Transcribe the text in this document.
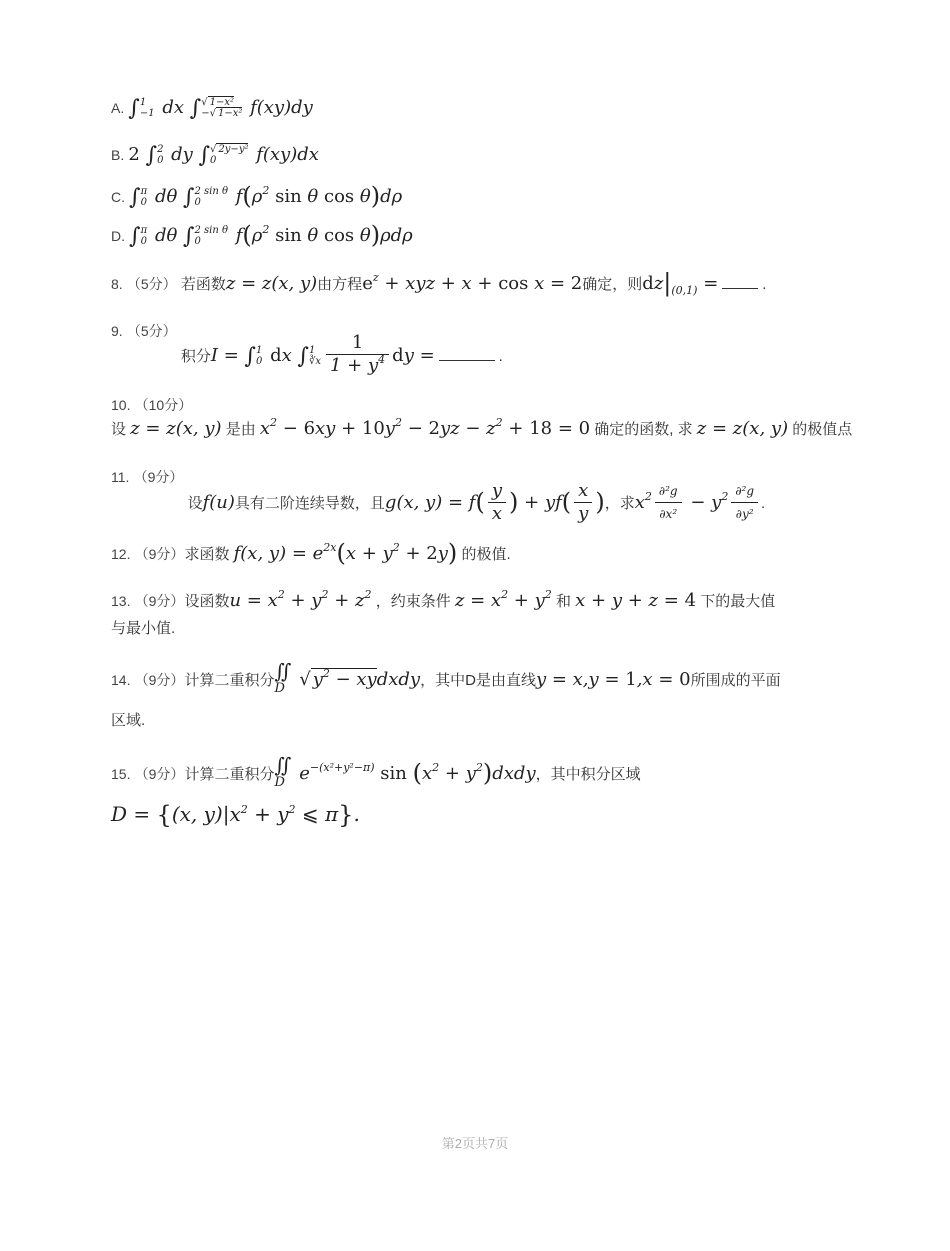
A. ∫ 1
−1 dx ∫ √ 1−x²
−√ 1−x² f(xy)dy
B. 2 ∫ 2
0 dy ∫ √ 2y−y²
0	f(xy)dx
C. ∫ π
0 dθ ∫ 2 sin θ
0	$f(\rho^2$ sin θ cos θ)dρ
D. ∫ π
0 dθ ∫ 2 sin θ
0	$f(\rho^2$ sin θ cos θ)ρdρ
8. （5分） 若函数z = z(x, y)由方程$e^z$ + xyz + x + cos x = 2确定，则$dz|_{(0,1)}$ =	.
9. （5分） 积分I = ∫ 1
0 dx ∫ 1
∛x $\frac{1}{1 + y^4}$ dy =	.
10. （10分）
设 z = z(x, y) 是由 $x^2 - 6xy + 10y^2 - 2yz - z^2 + 18 = 0$ 确定的函数, 求 z = z(x, y) 的极值点
11. （9分） 设f(u)具有二阶连续导数，且g(x, $y) = f( \frac{y}{x}$ ) + $yf( \frac{x}{y}$ )，求$x^2 \frac{\text{∂²g}}{\text{∂x²}} - y^2 \frac{\text{∂²g}}{\text{∂y²}}$ .
12. （9分）求函数 f(x, $y) = e^{2x}(x + y^2 + 2y)$ 的极值.
13. （9分）设函数$u = x^2 + y^2 + z^2$ ，约束条件 $z = x^2 + y^2$ 和 x + y + z = 4 下的最大值
与最小值.
14. （9分）计算二重积分 ∬
D √ $y^2$ − xydxdy，其中D是由直线y = x,y = 1,x = 0所围成的平面
区域.
15. （9分）计算二重积分 ∬
D $e^{-(x^2+y^2-\pi)}$ $\sin (x^2$ + $y^2)dxdy$，其中积分区域
D = {(x, $y)|x^2 + y^2$ ⩽ π}.
第2页共7页
